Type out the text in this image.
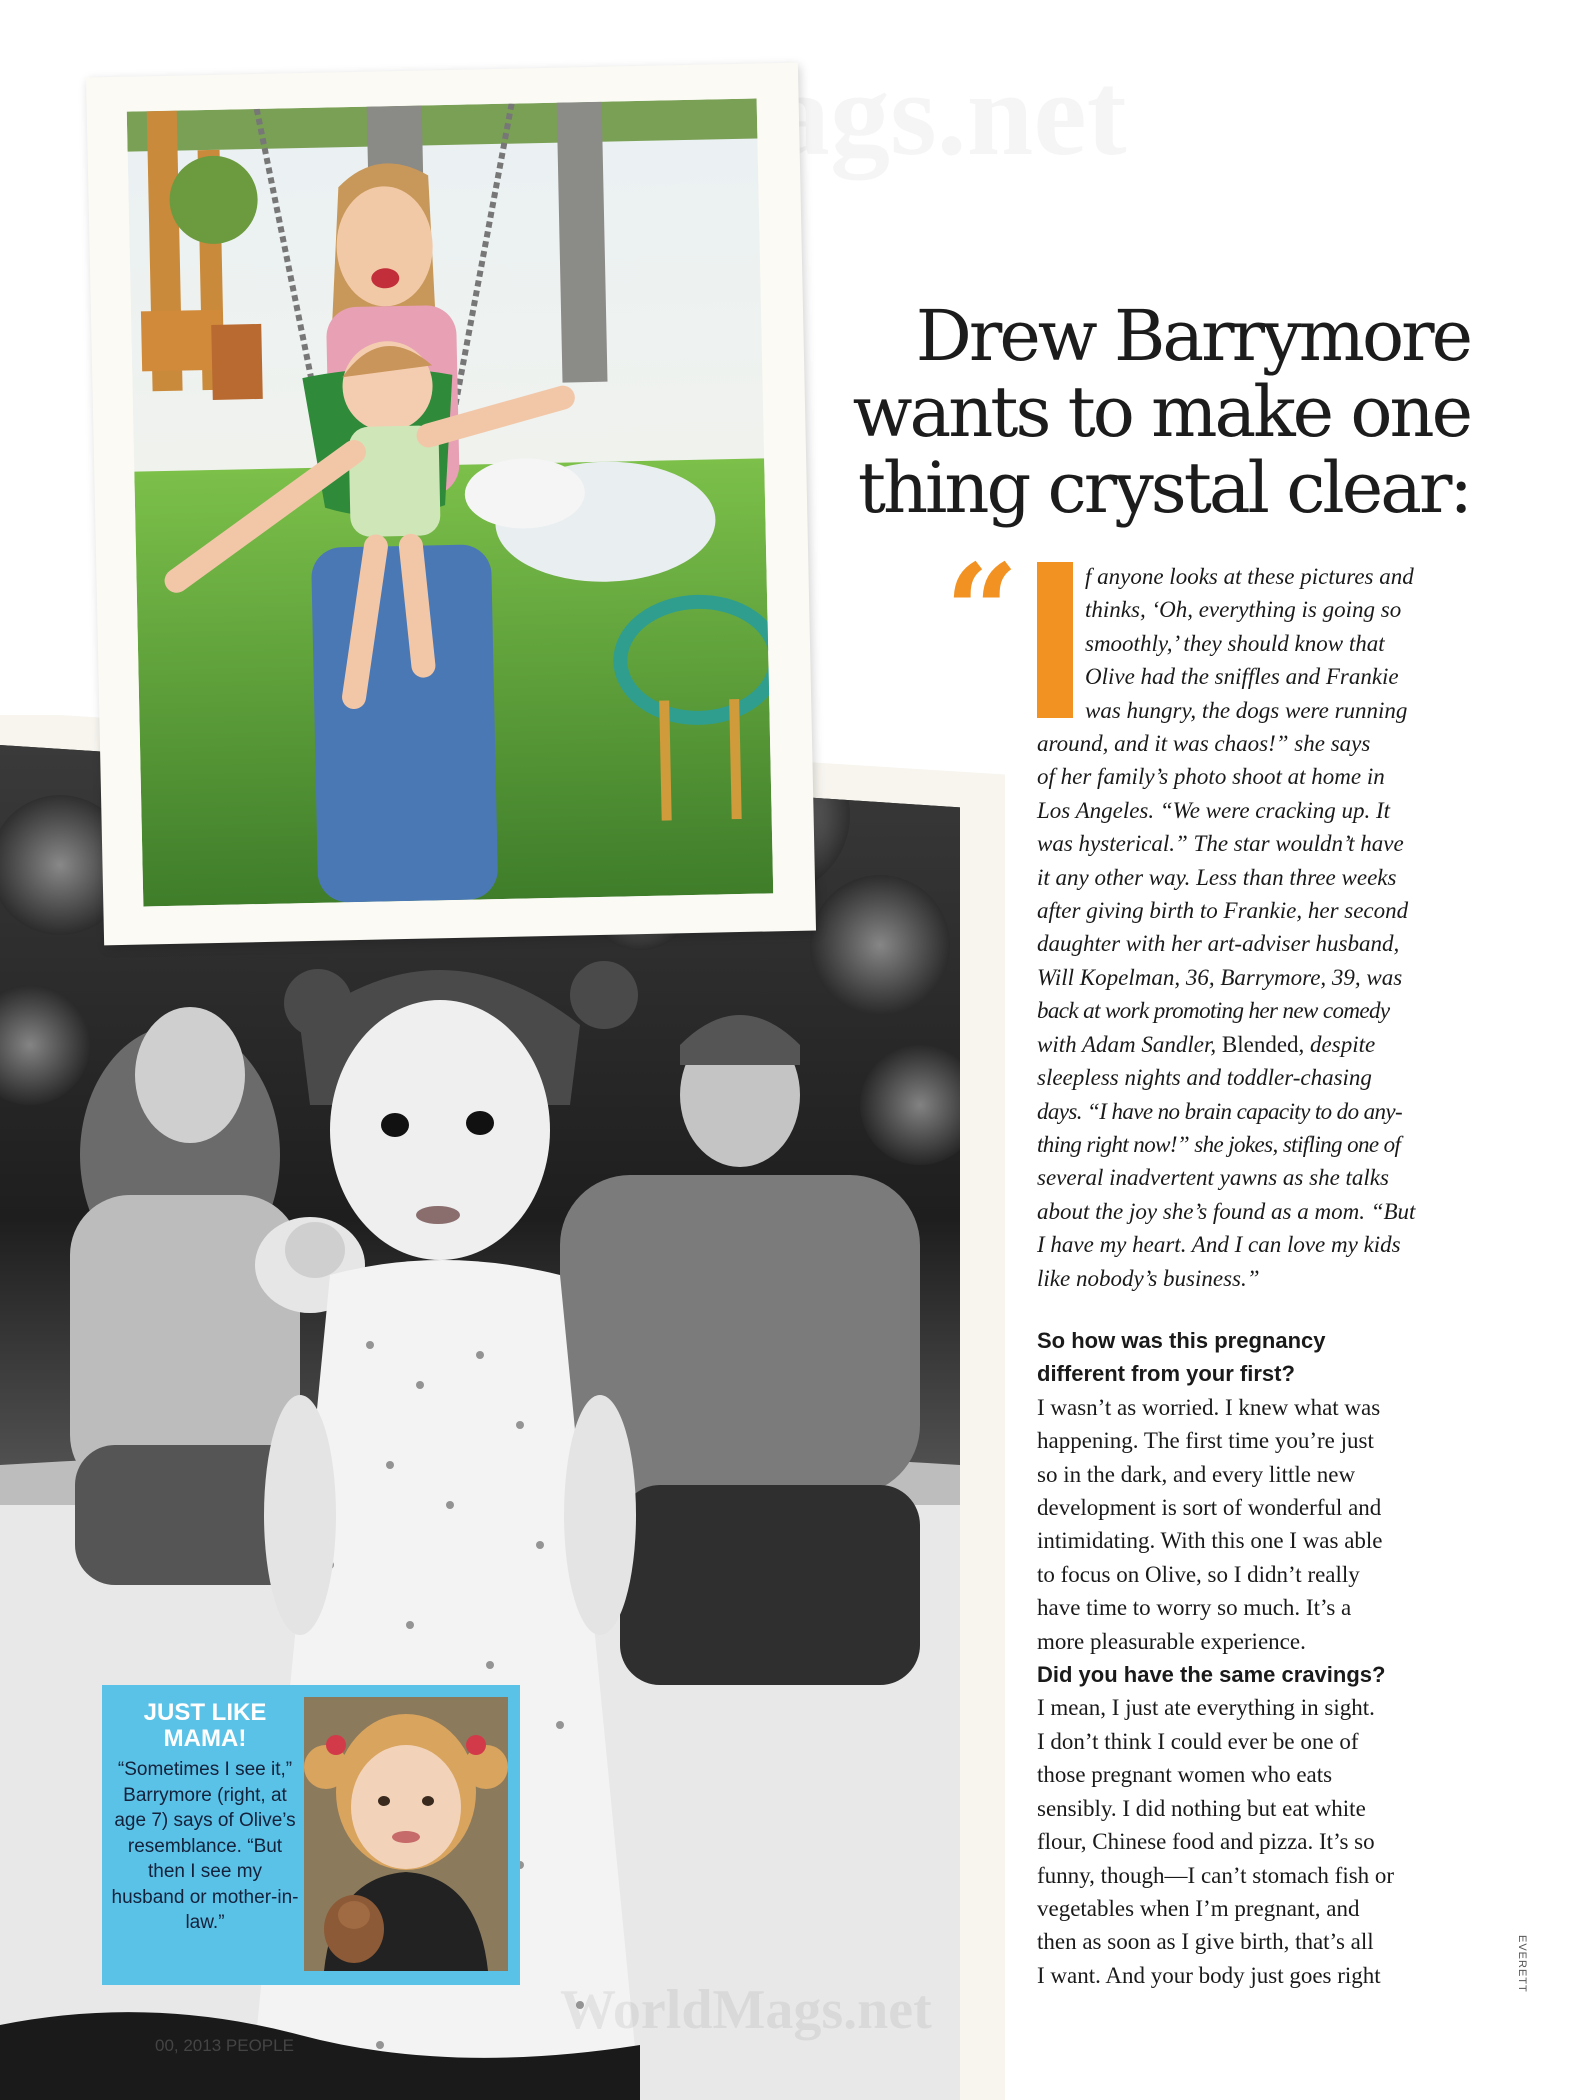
JUST LIKE MAMA!
“Sometimes I see it,” Barrymore (right, at age 7) says of Olive’s resemblance. “But then I see my husband or mother-in-law.”
00, 2013 PEOPLE
WorldMags.net
EVERETT
Drew Barrymore
wants to make one
thing crystal clear:
“	f anyone looks at these pictures and
thinks, ‘Oh, everything is going so
smoothly,’ they should know that
Olive had the sniffles and Frankie
was hungry, the dogs were running
around, and it was chaos!” she says
of her family’s photo shoot at home in
Los Angeles. “We were cracking up. It
was hysterical.” The star wouldn’t have
it any other way. Less than three weeks
after giving birth to Frankie, her second
daughter with her art-adviser husband,
Will Kopelman, 36, Barrymore, 39, was
back at work promoting her new comedy
with Adam Sandler, Blended, despite
sleepless nights and toddler-chasing
days. “I have no brain capacity to do any-
thing right now!” she jokes, stifling one of
several inadvertent yawns as she talks
about the joy she’s found as a mom. “But
I have my heart. And I can love my kids
like nobody’s business.”
So how was this pregnancy
different from your first?
I wasn’t as worried. I knew what was
happening. The first time you’re just
so in the dark, and every little new
development is sort of wonderful and
intimidating. With this one I was able
to focus on Olive, so I didn’t really
have time to worry so much. It’s a
more pleasurable experience.
Did you have the same cravings?
I mean, I just ate everything in sight.
I don’t think I could ever be one of
those pregnant women who eats
sensibly. I did nothing but eat white
flour, Chinese food and pizza. It’s so
funny, though—I can’t stomach fish or
vegetables when I’m pregnant, and
then as soon as I give birth, that’s all
I want. And your body just goes right
